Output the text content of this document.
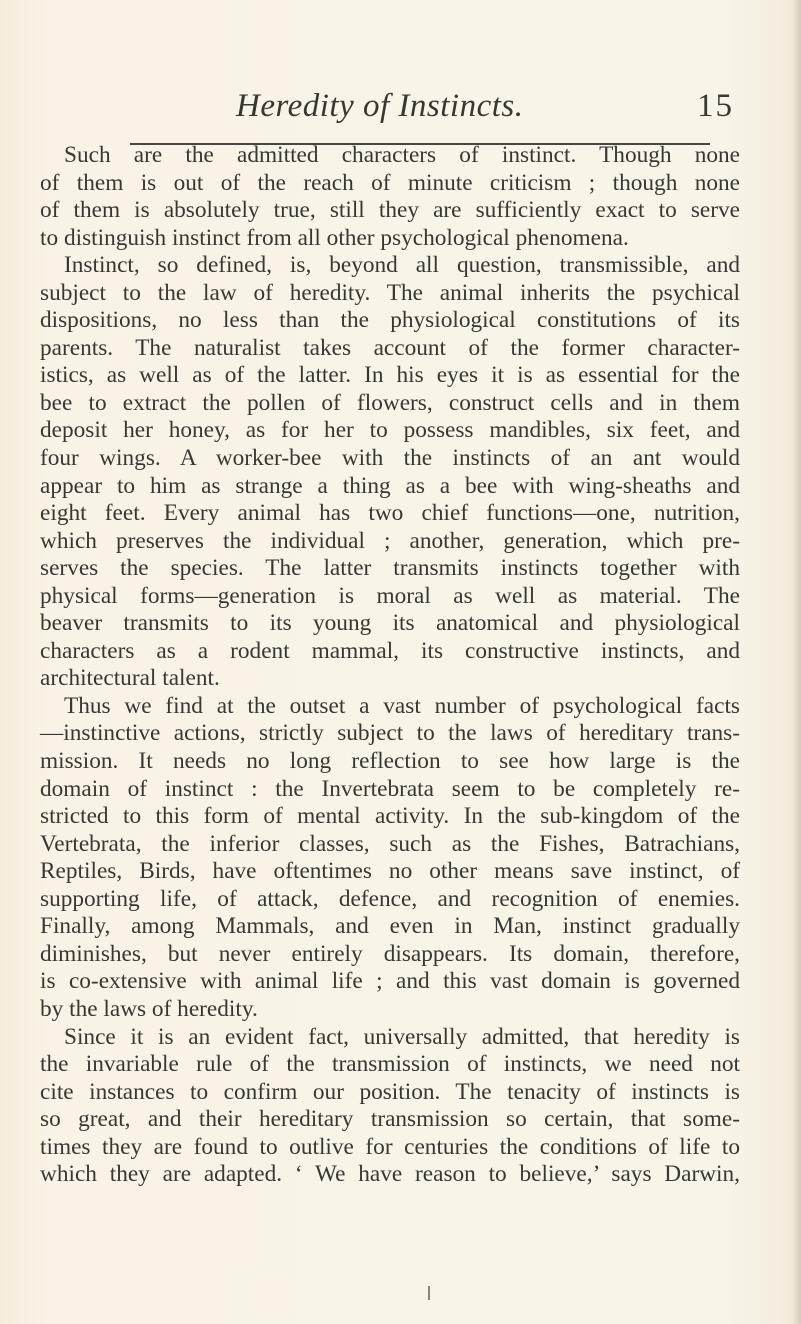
Heredity of Instincts.	15
Such are the admitted characters of instinct. Though none
of them is out of the reach of minute criticism ; though none
of them is absolutely true, still they are sufficiently exact to serve
to distinguish instinct from all other psychological phenomena.
Instinct, so defined, is, beyond all question, transmissible, and
subject to the law of heredity. The animal inherits the psychical
dispositions, no less than the physiological constitutions of its
parents. The naturalist takes account of the former character-
istics, as well as of the latter. In his eyes it is as essential for the
bee to extract the pollen of flowers, construct cells and in them
deposit her honey, as for her to possess mandibles, six feet, and
four wings. A worker-bee with the instincts of an ant would
appear to him as strange a thing as a bee with wing-sheaths and
eight feet. Every animal has two chief functions—one, nutrition,
which preserves the individual ; another, generation, which pre-
serves the species. The latter transmits instincts together with
physical forms—generation is moral as well as material. The
beaver transmits to its young its anatomical and physiological
characters as a rodent mammal, its constructive instincts, and
architectural talent.
Thus we find at the outset a vast number of psychological facts
—instinctive actions, strictly subject to the laws of hereditary trans-
mission. It needs no long reflection to see how large is the
domain of instinct : the Invertebrata seem to be completely re-
stricted to this form of mental activity. In the sub-kingdom of the
Vertebrata, the inferior classes, such as the Fishes, Batrachians,
Reptiles, Birds, have oftentimes no other means save instinct, of
supporting life, of attack, defence, and recognition of enemies.
Finally, among Mammals, and even in Man, instinct gradually
diminishes, but never entirely disappears. Its domain, therefore,
is co-extensive with animal life ; and this vast domain is governed
by the laws of heredity.
Since it is an evident fact, universally admitted, that heredity is
the invariable rule of the transmission of instincts, we need not
cite instances to confirm our position. The tenacity of instincts is
so great, and their hereditary transmission so certain, that some-
times they are found to outlive for centuries the conditions of life to
which they are adapted. ‘ We have reason to believe,’ says Darwin,
